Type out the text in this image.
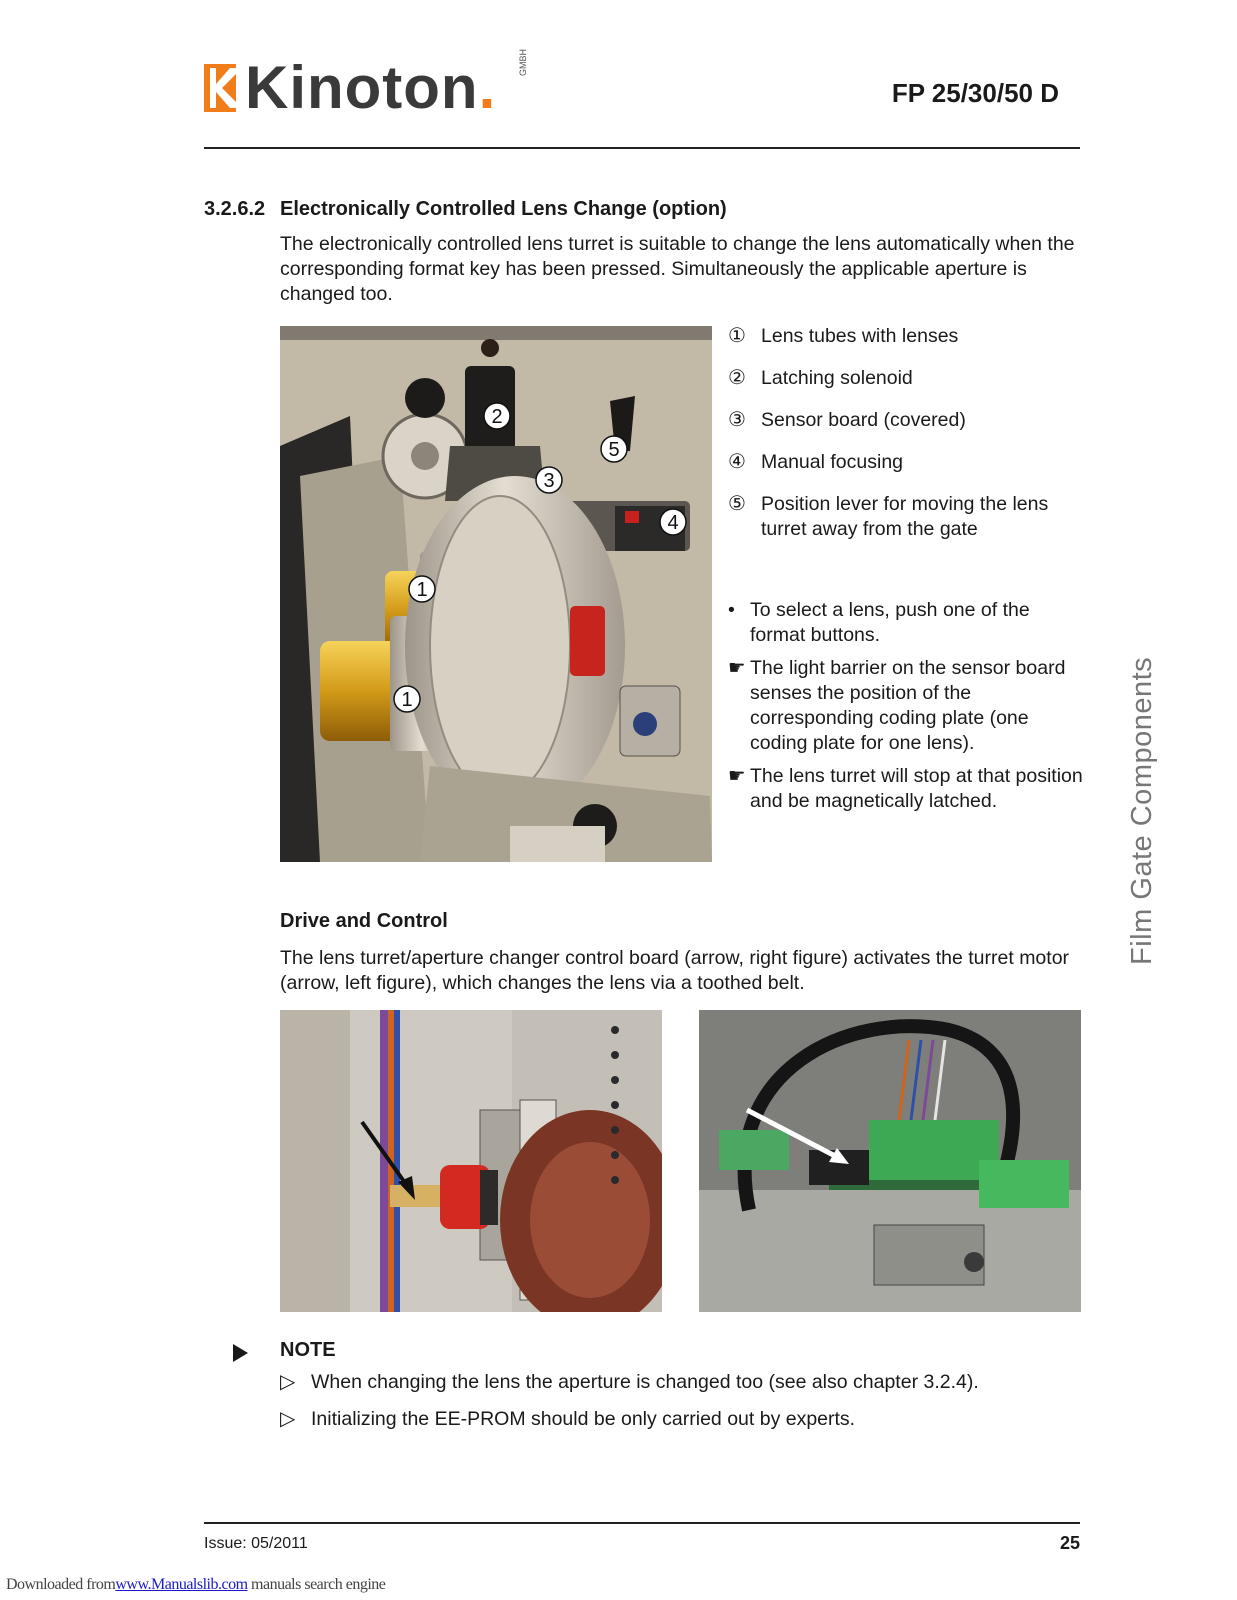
Kinoton. GMBH
FP 25/30/50 D
3.2.6.2 Electronically Controlled Lens Change (option)
The electronically controlled lens turret is suitable to change the lens automatically when the corresponding format key has been pressed. Simultaneously the applicable aperture is changed too.
2
5
3
4
1
1
① Lens tubes with lenses
② Latching solenoid
③ Sensor board (covered)
④ Manual focusing
⑤ Position lever for moving the lens turret away from the gate
• To select a lens, push one of the format buttons.
☛ The light barrier on the sensor board senses the position of the corresponding coding plate (one coding plate for one lens).
☛ The lens turret will stop at that position and be magnetically latched.	Film Gate Components
Drive and Control
The lens turret/aperture changer control board (arrow, right figure) activates the turret motor (arrow, left figure), which changes the lens via a toothed belt.
NOTE
▷ When changing the lens the aperture is changed too (see also chapter 3.2.4).
▷ Initializing the EE-PROM should be only carried out by experts.
Issue: 05/2011	25
Downloaded fromwww.Manualslib.com manuals search engine
